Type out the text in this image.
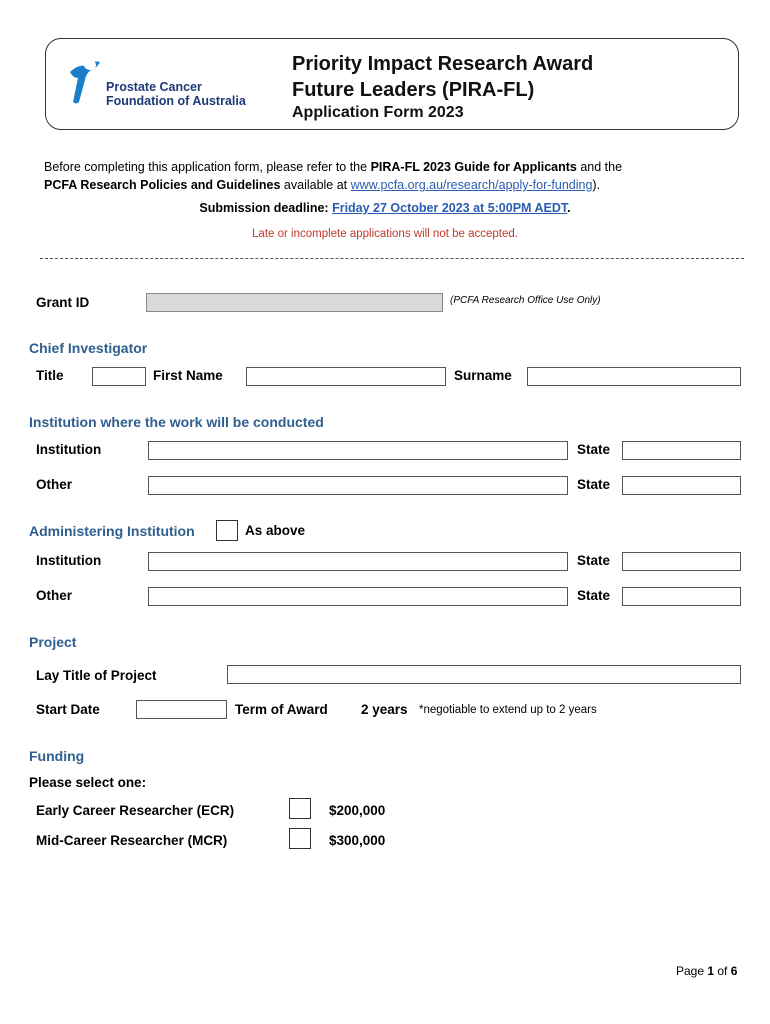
Prostate Cancer
Foundation of Australia
Priority Impact Research Award
Future Leaders (PIRA-FL)
Application Form 2023
Before completing this application form, please refer to the PIRA-FL 2023 Guide for Applicants and the
PCFA Research Policies and Guidelines available at www.pcfa.org.au/research/apply-for-funding).
Submission deadline: Friday 27 October 2023 at 5:00PM AEDT.
Late or incomplete applications will not be accepted.
Grant ID	(PCFA Research Office Use Only)
Chief Investigator
Title	First Name	Surname
Institution where the work will be conducted
Institution	State
Other	State
Administering Institution	As above
Institution	State
Other	State
Project
Lay Title of Project
Start Date	Term of Award 2 years *negotiable to extend up to 2 years
Funding
Please select one:
Early Career Researcher (ECR)	$200,000
Mid-Career Researcher (MCR)	$300,000
Page 1 of 6
